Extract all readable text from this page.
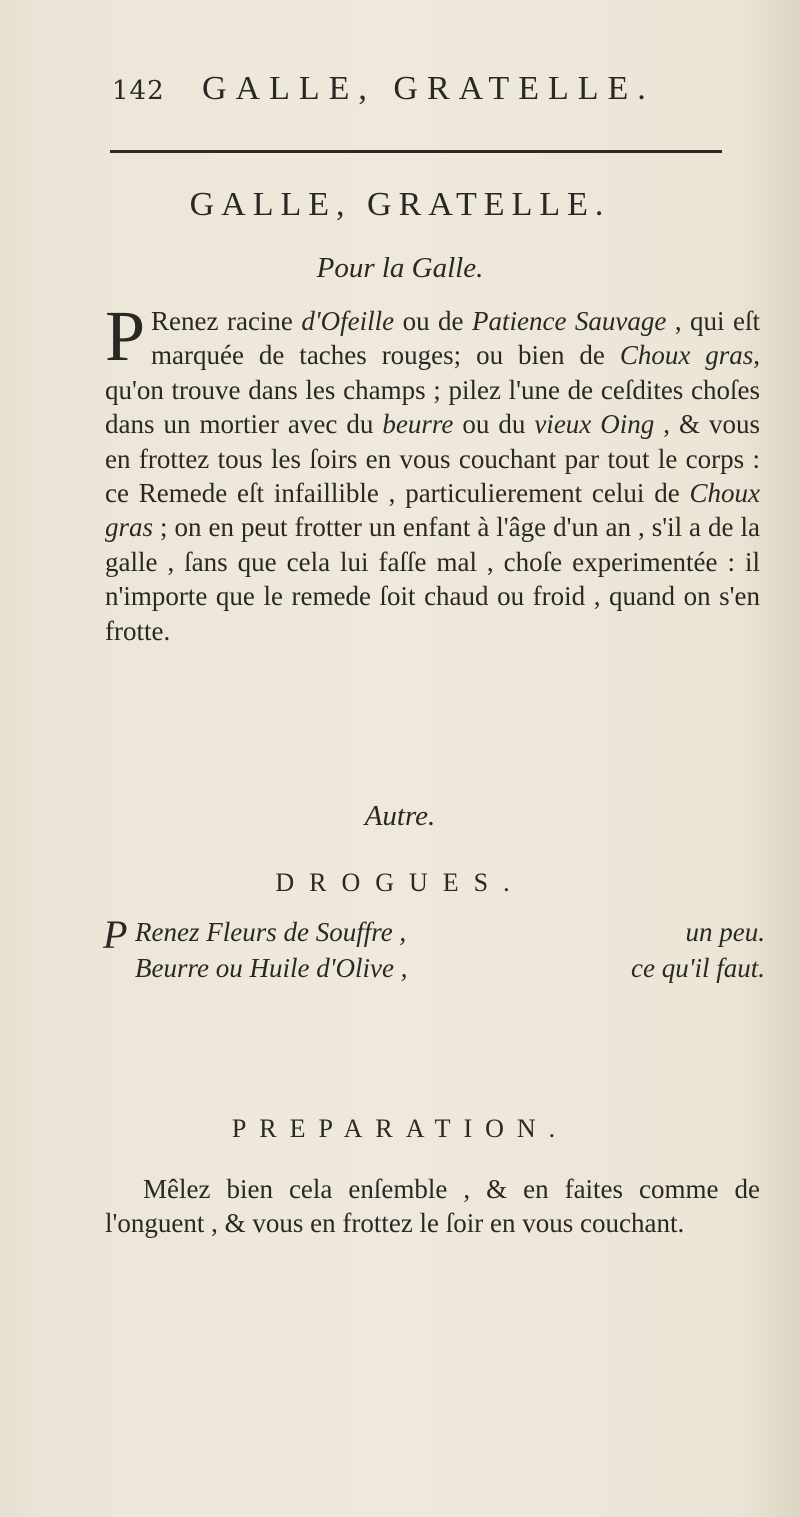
142 GALLE, GRATELLE.
GALLE, GRATELLE.
Pour la Galle.
P Renez racine d'Ofeille ou de Patience Sauvage , qui eſt marquée de taches rouges; ou bien de Choux gras, qu'on trouve dans les champs ; pilez l'une de ceſdites choſes dans un mortier avec du beurre ou du vieux Oing , & vous en frottez tous les ſoirs en vous couchant par tout le corps : ce Remede eſt infaillible , particulierement celui de Choux gras ; on en peut frotter un enfant à l'âge d'un an , s'il a de la galle , ſans que cela lui faſſe mal , choſe experimentée : il n'importe que le remede ſoit chaud ou froid , quand on s'en frotte.
Autre.
DROGUES.
P Renez Fleurs de Souffre ,	un peu.
Beurre ou Huile d'Olive ,	ce qu'il faut.
PREPARATION.
Mêlez bien cela enſemble , & en faites comme de l'onguent , & vous en frottez le ſoir en vous couchant.
